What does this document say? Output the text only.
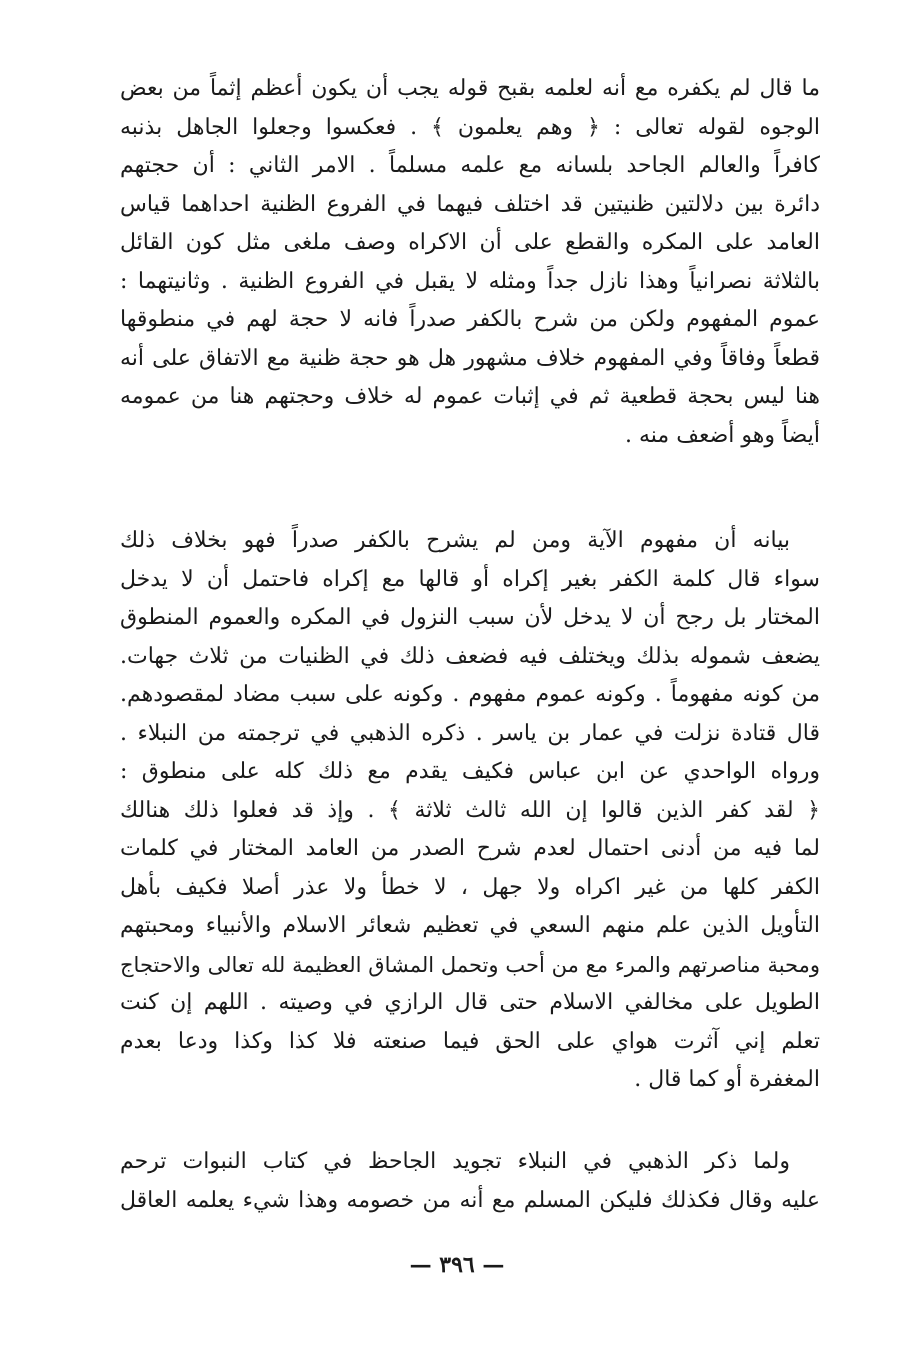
ما قال لم يكفره مع أنه لعلمه بقبح قوله يجب أن يكون أعظم إثماً من بعض
الوجوه لقوله تعالى : ﴿ وهم يعلمون ﴾ . فعكسوا وجعلوا الجاهل بذنبه
كافراً والعالم الجاحد بلسانه مع علمه مسلماً . الامر الثاني : أن حجتهم
دائرة بين دلالتين ظنيتين قد اختلف فيهما في الفروع الظنية احداهما قياس
العامد على المكره والقطع على أن الاكراه وصف ملغى مثل كون القائل
بالثلاثة نصرانياً وهذا نازل جداً ومثله لا يقبل في الفروع الظنية . وثانيتهما :
عموم المفهوم ولكن من شرح بالكفر صدراً فانه لا حجة لهم في منطوقها
قطعاً وفاقاً وفي المفهوم خلاف مشهور هل هو حجة ظنية مع الاتفاق على أنه
هنا ليس بحجة قطعية ثم في إثبات عموم له خلاف وحجتهم هنا من عمومه
أيضاً وهو أضعف منه .
بيانه أن مفهوم الآية ومن لم يشرح بالكفر صدراً فهو بخلاف ذلك
سواء قال كلمة الكفر بغير إكراه أو قالها مع إكراه فاحتمل أن لا يدخل
المختار بل رجح أن لا يدخل لأن سبب النزول في المكره والعموم المنطوق
يضعف شموله بذلك ويختلف فيه فضعف ذلك في الظنيات من ثلاث جهات.
من كونه مفهوماً . وكونه عموم مفهوم . وكونه على سبب مضاد لمقصودهم.
قال قتادة نزلت في عمار بن ياسر . ذكره الذهبي في ترجمته من النبلاء .
ورواه الواحدي عن ابن عباس فكيف يقدم مع ذلك كله على منطوق :
﴿ لقد كفر الذين قالوا إن الله ثالث ثلاثة ﴾ . وإذ قد فعلوا ذلك هنالك
لما فيه من أدنى احتمال لعدم شرح الصدر من العامد المختار في كلمات
الكفر كلها من غير اكراه ولا جهل ، لا خطأ ولا عذر أصلا فكيف بأهل
التأويل الذين علم منهم السعي في تعظيم شعائر الاسلام والأنبياء ومحبتهم
ومحبة مناصرتهم والمرء مع من أحب وتحمل المشاق العظيمة لله تعالى والاحتجاج
الطويل على مخالفي الاسلام حتى قال الرازي في وصيته . اللهم إن كنت
تعلم إني آثرت هواي على الحق فيما صنعته فلا كذا وكذا ودعا بعدم
المغفرة أو كما قال .
ولما ذكر الذهبي في النبلاء تجويد الجاحظ في كتاب النبوات ترحم
عليه وقال فكذلك فليكن المسلم مع أنه من خصومه وهذا شيء يعلمه العاقل
— ٣٩٦ —
